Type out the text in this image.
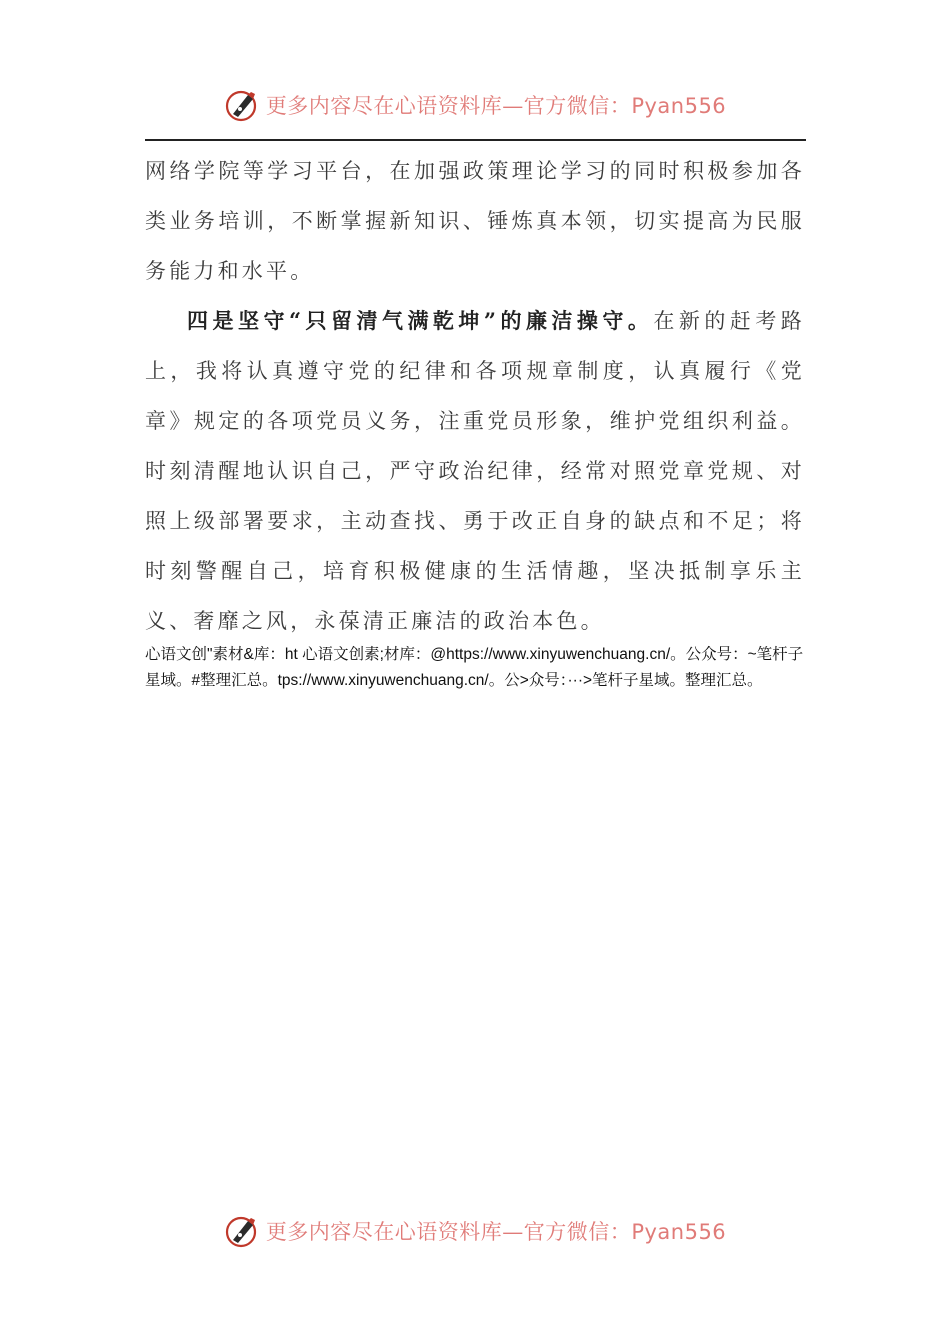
更多内容尽在心语资料库—官方微信：Pyan556

网络学院等学习平台，在加强政策理论学习的同时积极参加各类业务培训，不断掌握新知识、锤炼真本领，切实提高为民服务能力和水平。

四是坚守“只留清气满乾坤”的廉洁操守。在新的赶考路上，我将认真遵守党的纪律和各项规章制度，认真履行《党章》规定的各项党员义务，注重党员形象，维护党组织利益。时刻清醒地认识自己，严守政治纪律，经常对照党章党规、对照上级部署要求，主动查找、勇于改正自身的缺点和不足；将时刻警醒自己，培育积极健康的生活情趣，坚决抵制享乐主义、奢靡之风，永葆清正廉洁的政治本色。

心语文创"素材&库：ht 心语文创素;材库：@https://www.xinyuwenchuang.cn/。公众号：~笔杆子星域。#整理汇总。tps://www.xinyuwenchuang.cn/。公>众号：···>笔杆子星域。整理汇总。

更多内容尽在心语资料库—官方微信：Pyan556
